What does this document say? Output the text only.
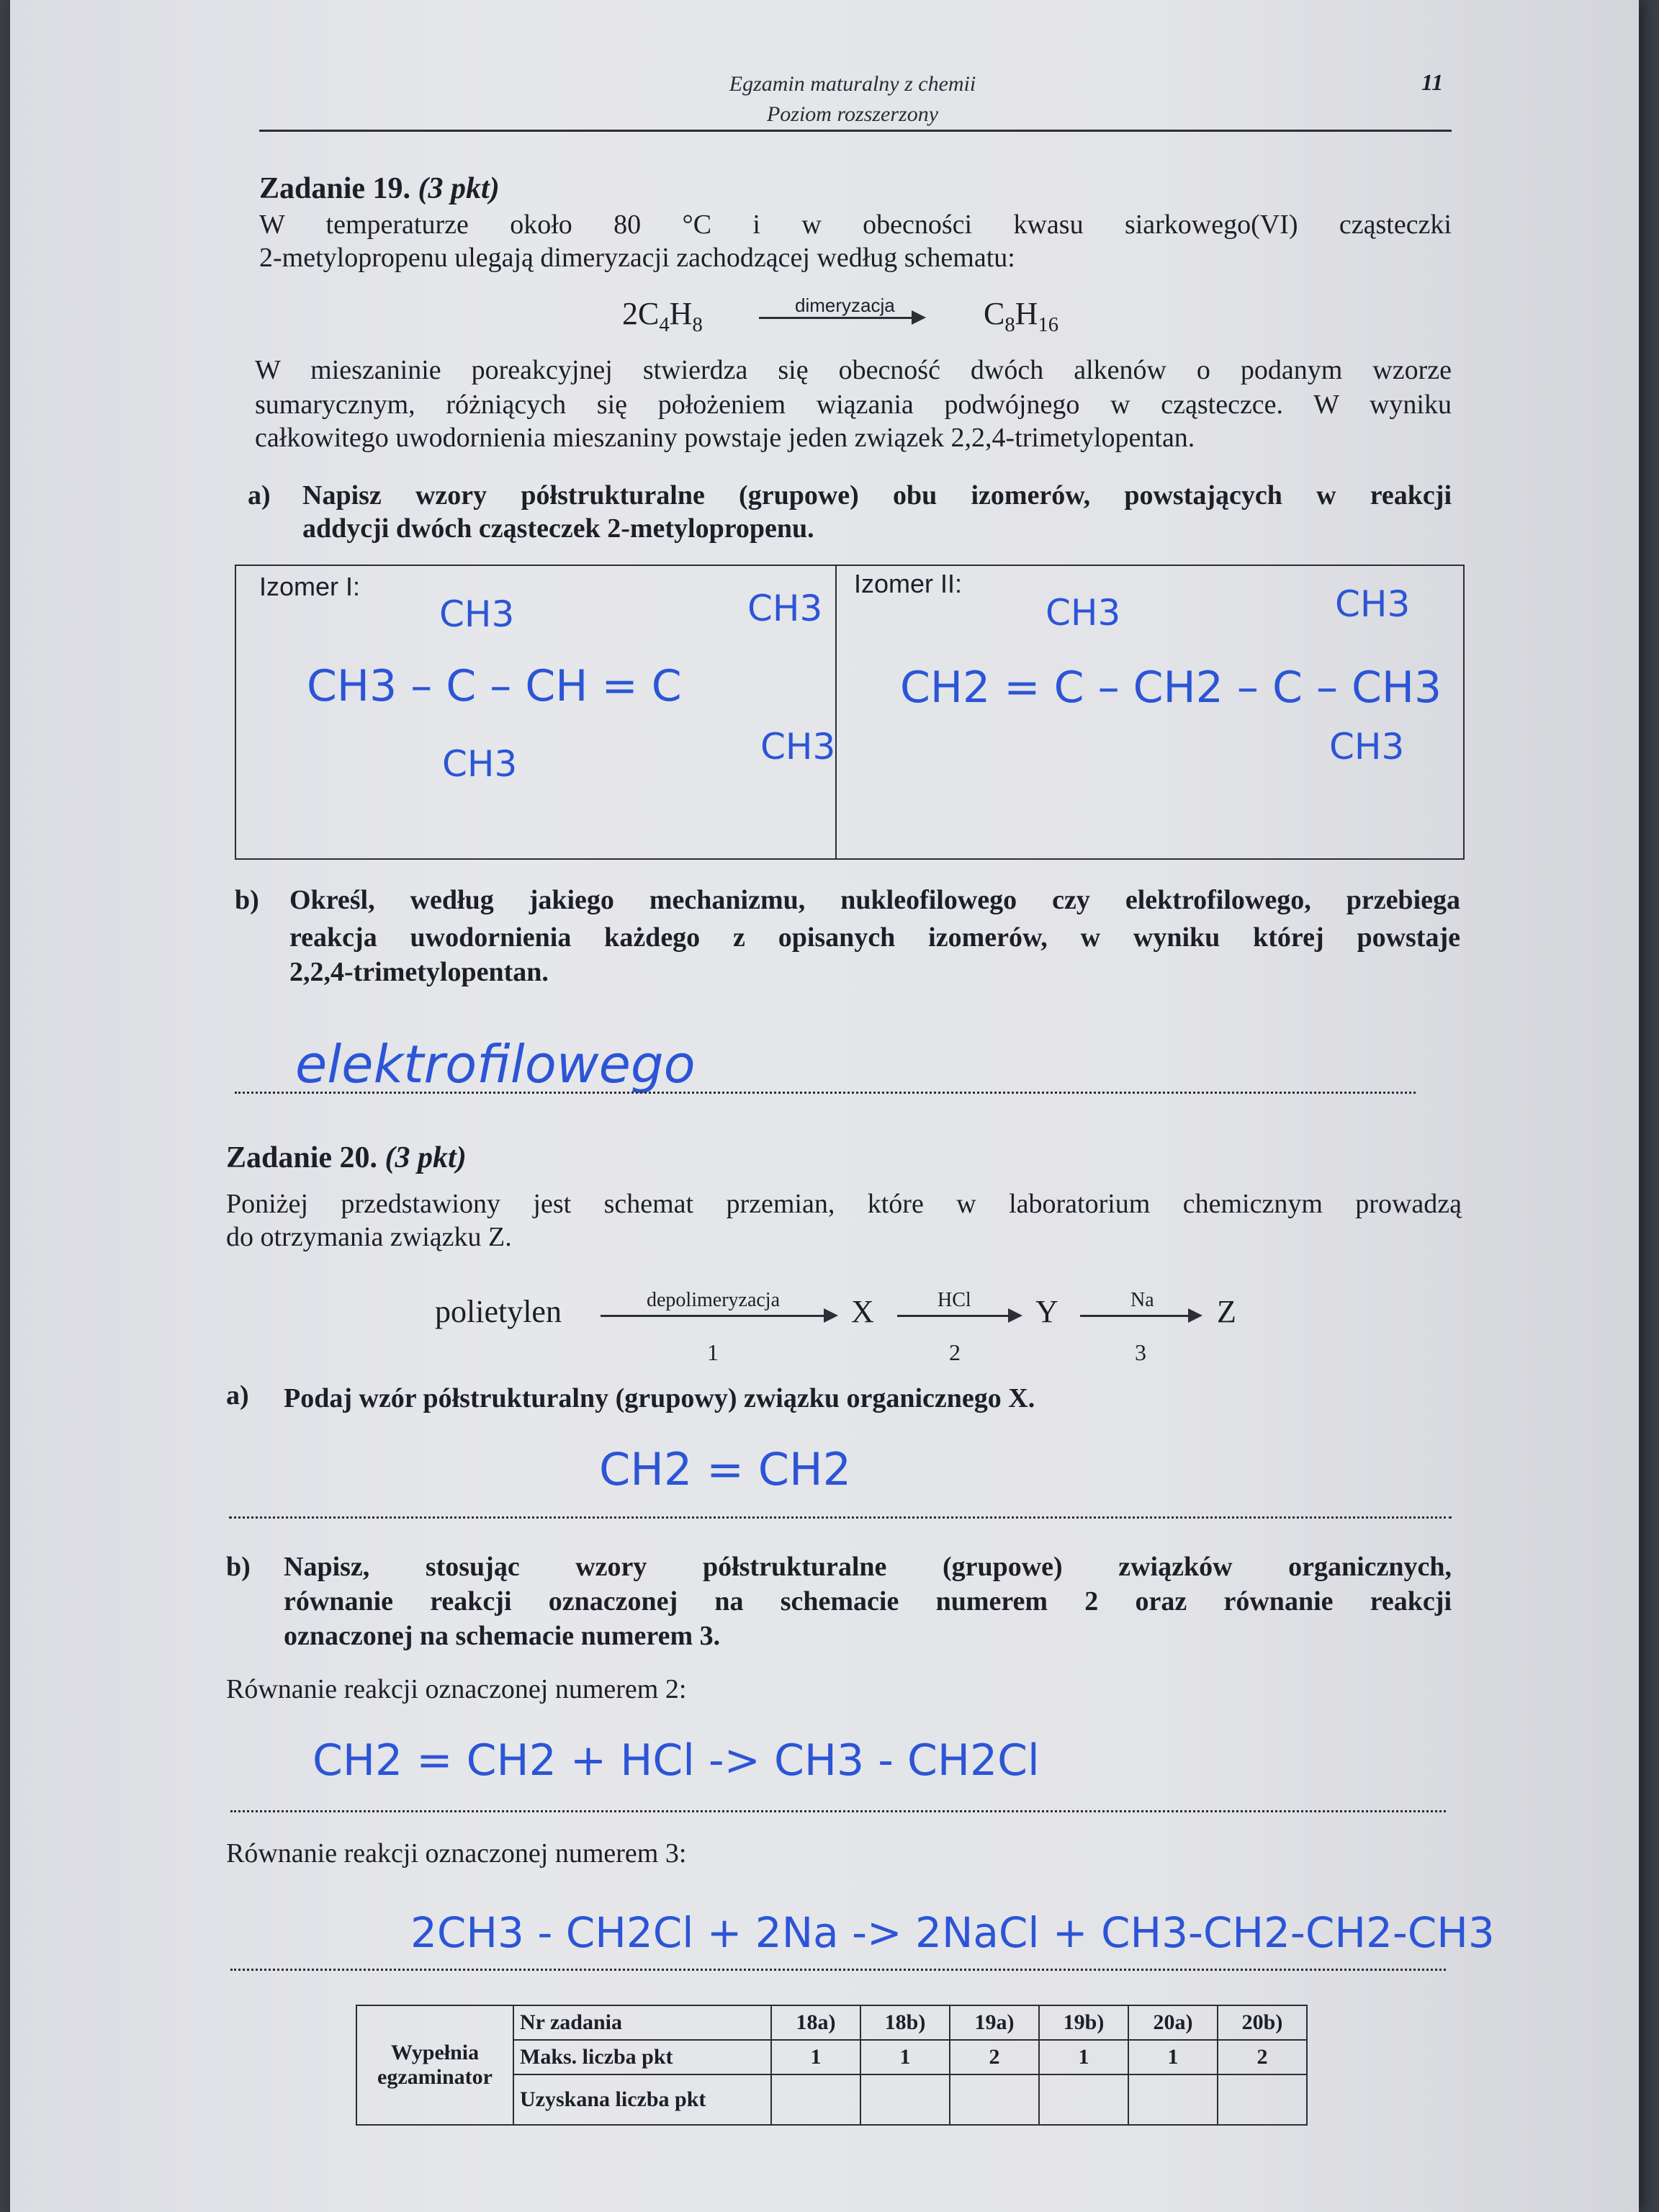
Egzamin maturalny z chemii
Poziom rozszerzony
11
Zadanie 19. (3 pkt)
W temperaturze około 80 °C i w obecności kwasu siarkowego(VI) cząsteczki
2-metylopropenu ulegają dimeryzacji zachodzącej według schematu:
$2C_4H_8$
dimeryzacja	$C_8H_{16}$
W mieszaninie poreakcyjnej stwierdza się obecność dwóch alkenów o podanym wzorze
sumarycznym, różniących się położeniem wiązania podwójnego w cząsteczce. W wyniku
całkowitego uwodornienia mieszaniny powstaje jeden związek 2,2,4-trimetylopentan.
a) Napisz wzory półstrukturalne (grupowe) obu izomerów, powstających w reakcji
addycji dwóch cząsteczek 2-metylopropenu.
Izomer I:	Izomer II:
CH3
CH3 – C – CH = C
CH3
CH3
CH3
CH3
CH2 = C – CH2 – C – CH3
CH3
CH3
b) Określ, według jakiego mechanizmu, nukleofilowego czy elektrofilowego, przebiega
reakcja uwodornienia każdego z opisanych izomerów, w wyniku której powstaje
2,2,4-trimetylopentan.
elektrofilowego
Zadanie 20. (3 pkt)
Poniżej przedstawiony jest schemat przemian, które w laboratorium chemicznym prowadzą
do otrzymania związku Z.
polietylen	depolimeryzacja
1
X	HCl
2
Y	Na
3
Z
a) Podaj wzór półstrukturalny (grupowy) związku organicznego X.
CH2 = CH2
b) Napisz, stosując wzory półstrukturalne (grupowe) związków organicznych,
równanie reakcji oznaczonej na schemacie numerem 2 oraz równanie reakcji
oznaczonej na schemacie numerem 3.
Równanie reakcji oznaczonej numerem 2:
CH2 = CH2 + HCl -> CH3 - CH2Cl
Równanie reakcji oznaczonej numerem 3:
2CH3 - CH2Cl + 2Na -> 2NaCl + CH3-CH2-CH2-CH3
Wypełnia
egzaminator	Nr zadania	18a)	18b)	19a)	19b)	20a)	20b)
	Maks. liczba pkt	1	1	2	1	1	2
	Uzyskana liczba pkt						
